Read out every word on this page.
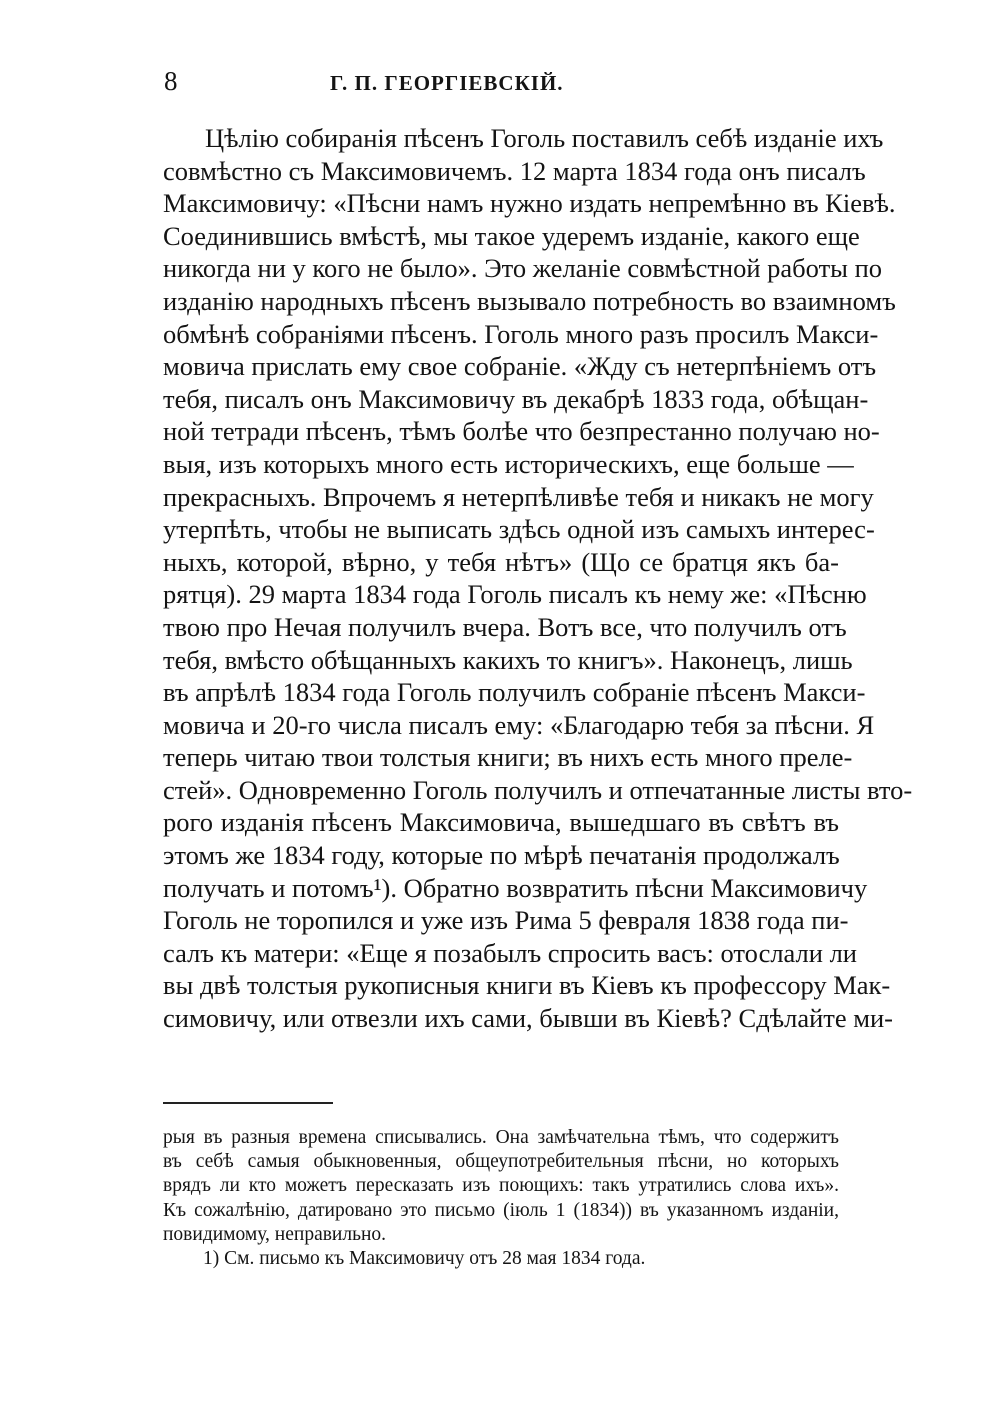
8	Г. П. ГЕОРГІЕВСКІЙ.
Цѣлію собиранія пѣсенъ Гоголь поставилъ себѣ изданіе ихъ
совмѣстно съ Максимовичемъ. 12 марта 1834 года онъ писалъ
Максимовичу: «Пѣсни намъ нужно издать непремѣнно въ Кіевѣ.
Соединившись вмѣстѣ, мы такое удеремъ изданіе, какого еще
никогда ни у кого не было». Это желаніе совмѣстной работы по
изданію народныхъ пѣсенъ вызывало потребность во взаимномъ
обмѣнѣ собраніями пѣсенъ. Гоголь много разъ просилъ Макси-
мовича прислать ему свое собраніе. «Жду съ нетерпѣніемъ отъ
тебя, писалъ онъ Максимовичу въ декабрѣ 1833 года, обѣщан-
ной тетради пѣсенъ, тѣмъ болѣе что безпрестанно получаю но-
выя, изъ которыхъ много есть историческихъ, еще больше —
прекрасныхъ. Впрочемъ я нетерпѣливѣе тебя и никакъ не могу
утерпѣть, чтобы не выписать здѣсь одной изъ самыхъ интерес-
ныхъ, которой, вѣрно, у тебя нѣтъ» (Що се братця якъ ба-
рятця). 29 марта 1834 года Гоголь писалъ къ нему же: «Пѣсню
твою про Нечая получилъ вчера. Вотъ все, что получилъ отъ
тебя, вмѣсто обѣщанныхъ какихъ то книгъ». Наконецъ, лишь
въ апрѣлѣ 1834 года Гоголь получилъ собраніе пѣсенъ Макси-
мовича и 20-го числа писалъ ему: «Благодарю тебя за пѣсни. Я
теперь читаю твои толстыя книги; въ нихъ есть много преле-
стей». Одновременно Гоголь получилъ и отпечатанные листы вто-
рого изданія пѣсенъ Максимовича, вышедшаго въ свѣтъ въ
этомъ же 1834 году, которые по мѣрѣ печатанія продолжалъ
получать и потомъ¹). Обратно возвратить пѣсни Максимовичу
Гоголь не торопился и уже изъ Рима 5 февраля 1838 года пи-
салъ къ матери: «Еще я позабылъ спросить васъ: отослали ли
вы двѣ толстыя рукописныя книги въ Кіевъ къ профессору Мак-
симовичу, или отвезли ихъ сами, бывши въ Кіевѣ? Сдѣлайте ми-
рыя въ разныя времена списывались. Она замѣчательна тѣмъ, что содержитъ
въ себѣ самыя обыкновенныя, общеупотребительныя пѣсни, но которыхъ
врядъ ли кто можетъ пересказать изъ поющихъ: такъ утратились слова ихъ».
Къ сожалѣнію, датировано это письмо (іюль 1 (1834)) въ указанномъ изданіи,
повидимому, неправильно.
1) См. письмо къ Максимовичу отъ 28 мая 1834 года.
